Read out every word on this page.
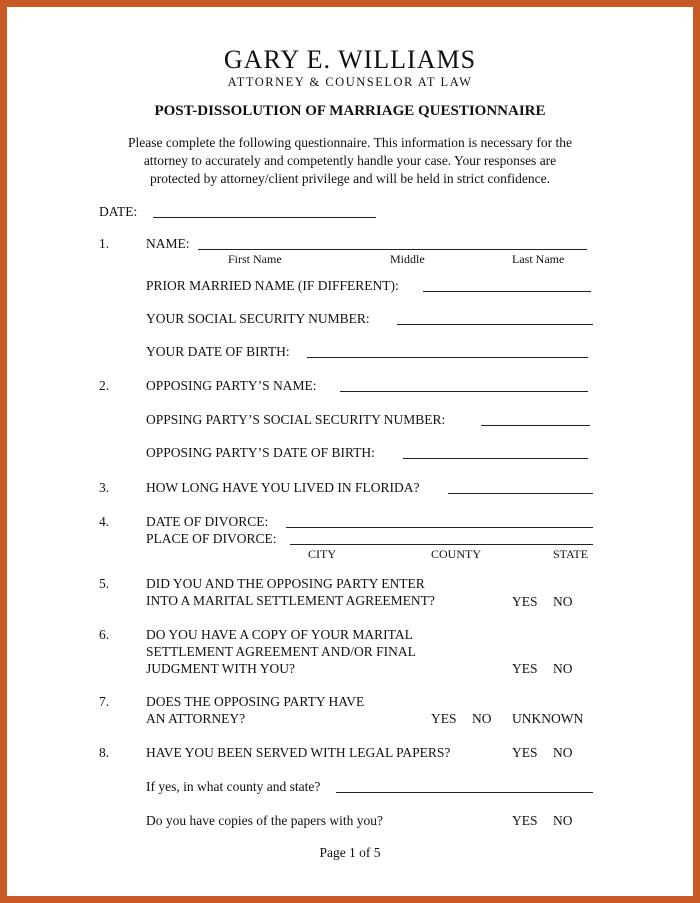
GARY E. WILLIAMS
ATTORNEY & COUNSELOR AT LAW
POST-DISSOLUTION OF MARRIAGE QUESTIONNAIRE
Please complete the following questionnaire. This information is necessary for the
attorney to accurately and competently handle your case. Your responses are
protected by attorney/client privilege and will be held in strict confidence.
DATE:
1.	NAME:
First Name	Middle	Last Name
PRIOR MARRIED NAME (IF DIFFERENT):
YOUR SOCIAL SECURITY NUMBER:
YOUR DATE OF BIRTH:
2.	OPPOSING PARTY’S NAME:
OPPSING PARTY’S SOCIAL SECURITY NUMBER:
OPPOSING PARTY’S DATE OF BIRTH:
3.	HOW LONG HAVE YOU LIVED IN FLORIDA?
4.	DATE OF DIVORCE:
PLACE OF DIVORCE:
CITY	COUNTY	STATE
5.	DID YOU AND THE OPPOSING PARTY ENTER
INTO A MARITAL SETTLEMENT AGREEMENT?	YES NO
6.	DO YOU HAVE A COPY OF YOUR MARITAL
SETTLEMENT AGREEMENT AND/OR FINAL
JUDGMENT WITH YOU?	YES NO
7.	DOES THE OPPOSING PARTY HAVE
AN ATTORNEY?	YES NO UNKNOWN
8.	HAVE YOU BEEN SERVED WITH LEGAL PAPERS?	YES NO
If yes, in what county and state?
Do you have copies of the papers with you?	YES NO
Page 1 of 5
